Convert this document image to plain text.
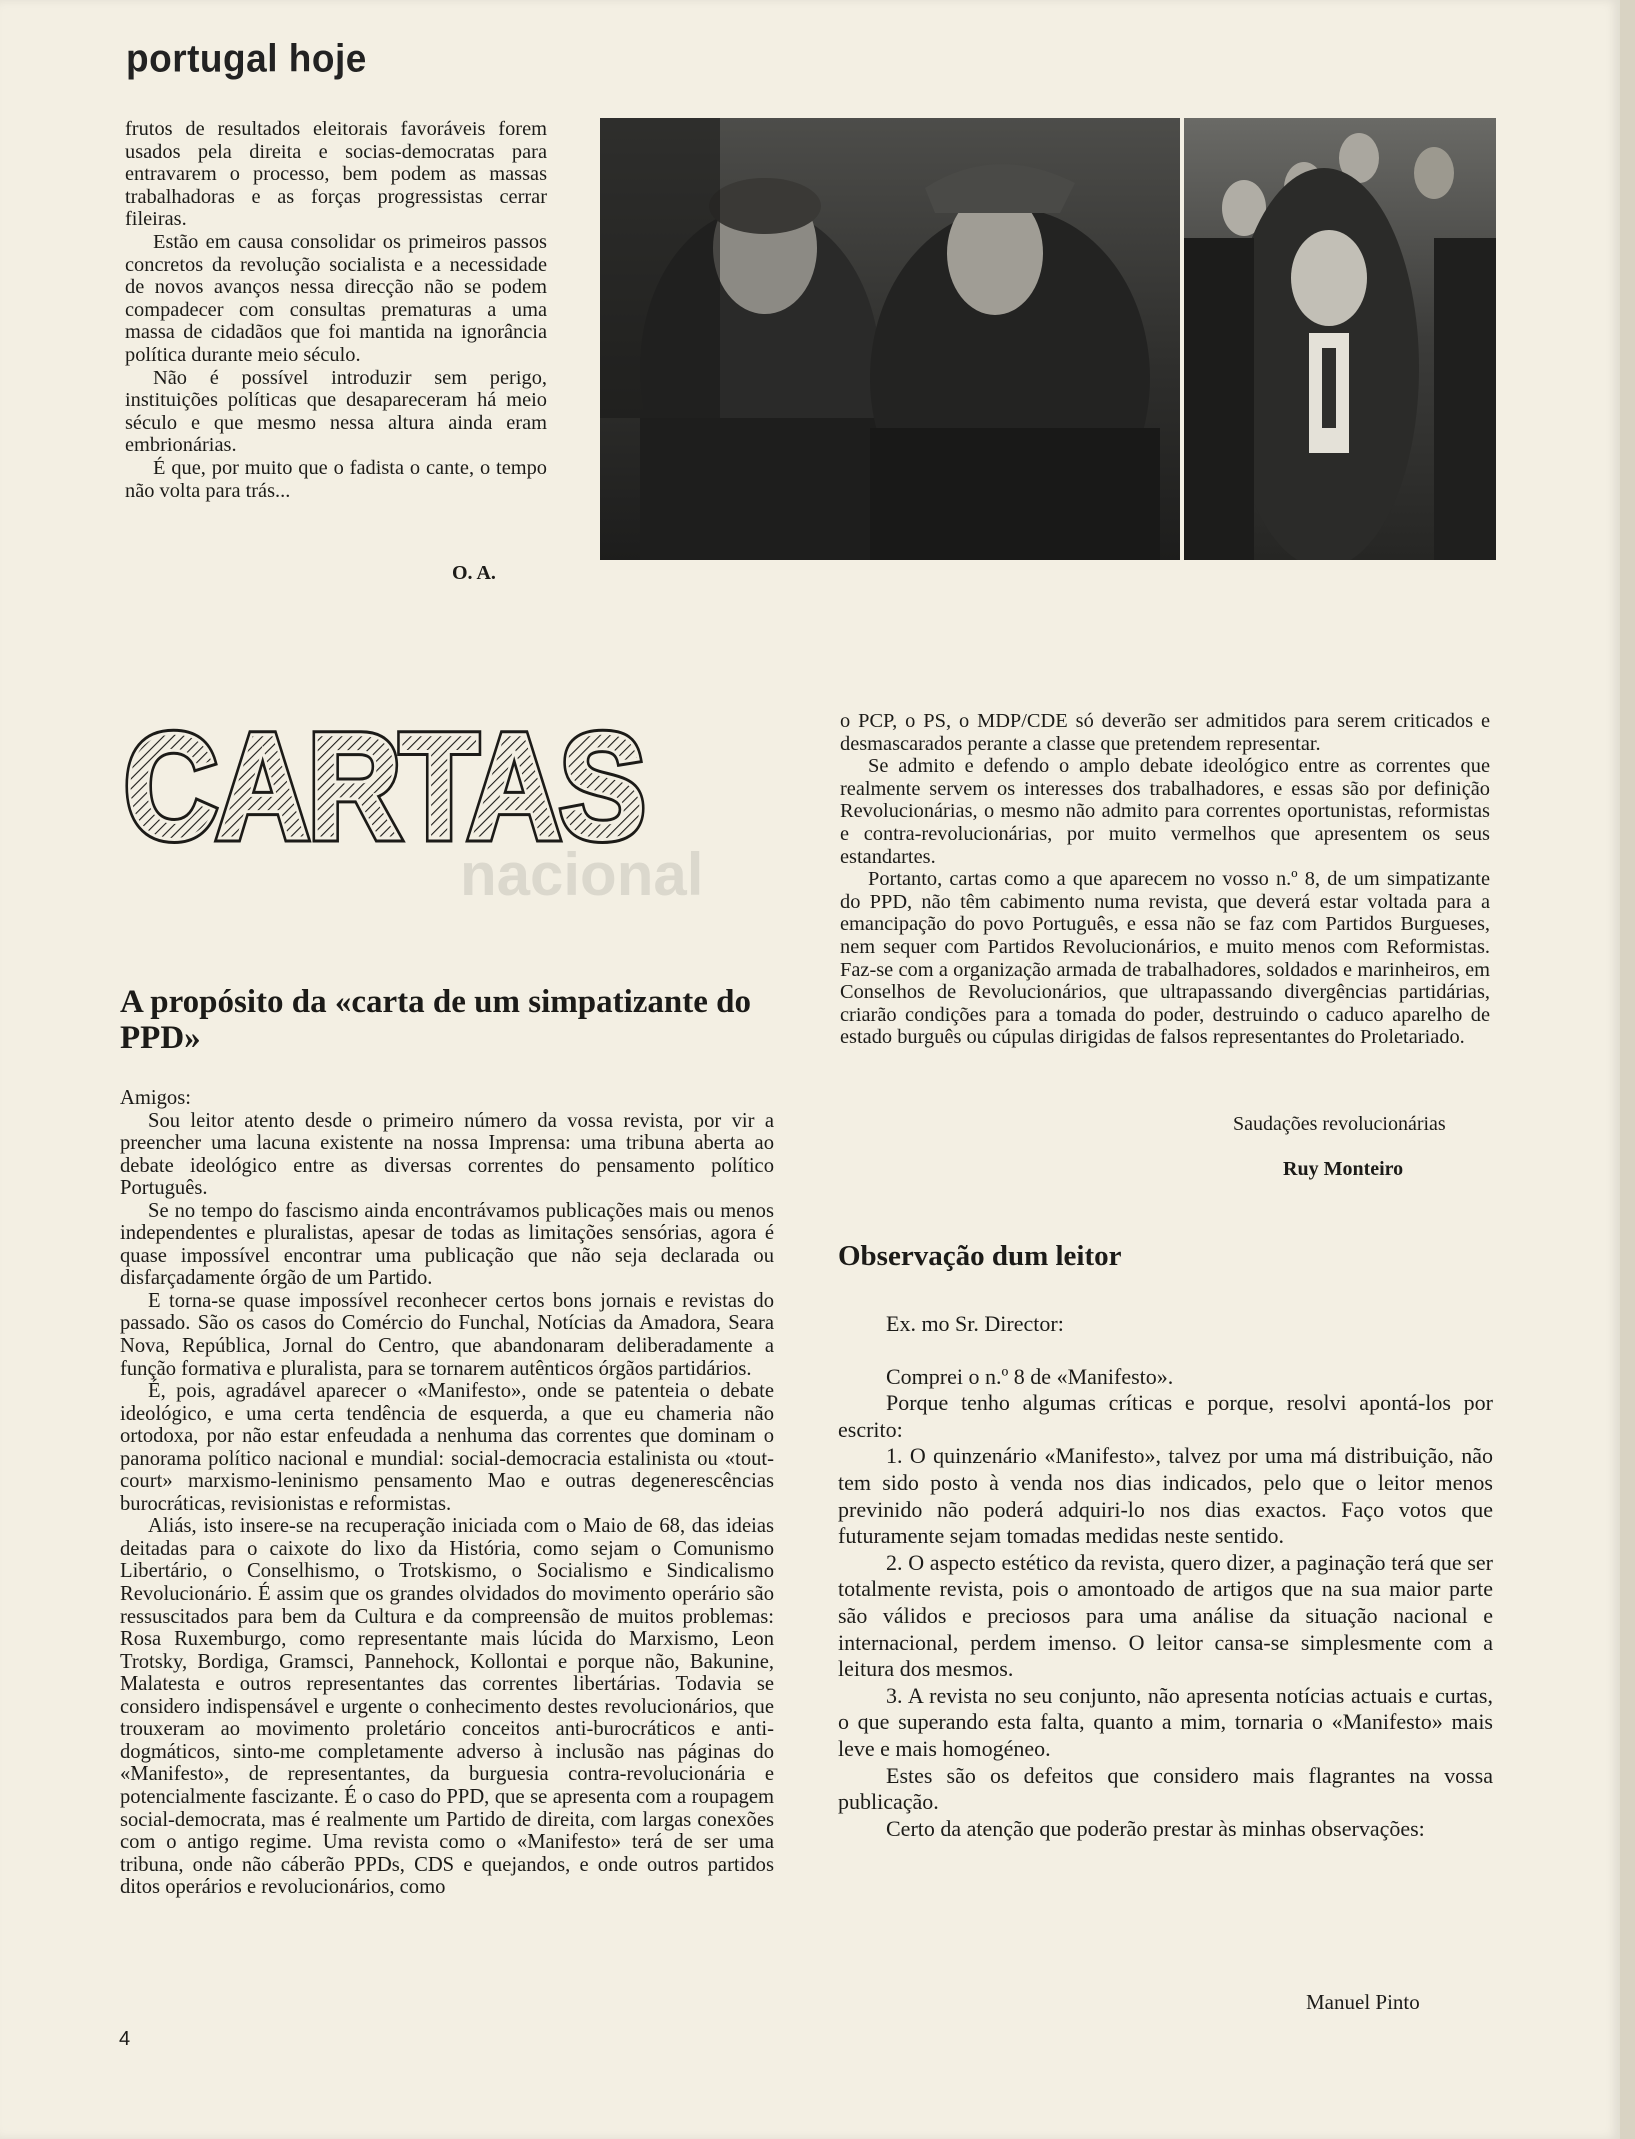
nacional
portugal hoje

frutos de resultados eleitorais favoráveis forem usados pela direita e socias-democratas para entravarem o processo, bem podem as massas trabalhadoras e as forças progressistas cerrar fileiras.

Estão em causa consolidar os primeiros passos concretos da revolução socialista e a necessidade de novos avanços nessa direcção não se podem compadecer com consultas prematuras a uma massa de cidadãos que foi mantida na ignorância política durante meio século.

Não é possível introduzir sem perigo, instituições políticas que desapareceram há meio século e que mesmo nessa altura ainda eram embrionárias.

É que, por muito que o fadista o cante, o tempo não volta para trás...

O. A.
CARTAS
CARTAS
A propósito da «carta de um simpatizante do PPD»

Amigos:

Sou leitor atento desde o primeiro número da vossa revista, por vir a preencher uma lacuna existente na nossa Imprensa: uma tribuna aberta ao debate ideológico entre as diversas correntes do pensamento político Português.

Se no tempo do fascismo ainda encontrávamos publicações mais ou menos independentes e pluralistas, apesar de todas as limitações sensórias, agora é quase impossível encontrar uma publicação que não seja declarada ou disfarçadamente órgão de um Partido.

E torna-se quase impossível reconhecer certos bons jornais e revistas do passado. São os casos do Comércio do Funchal, Notícias da Amadora, Seara Nova, República, Jornal do Centro, que abandonaram deliberadamente a função formativa e pluralista, para se tornarem autênticos órgãos partidários.

É, pois, agradável aparecer o «Manifesto», onde se patenteia o debate ideológico, e uma certa tendência de esquerda, a que eu chameria não ortodoxa, por não estar enfeudada a nenhuma das correntes que dominam o panorama político nacional e mundial: social-democracia estalinista ou «tout-court» marxismo-leninismo pensamento Mao e outras degenerescências burocráticas, revisionistas e reformistas.

Aliás, isto insere-se na recuperação iniciada com o Maio de 68, das ideias deitadas para o caixote do lixo da História, como sejam o Comunismo Libertário, o Conselhismo, o Trotskismo, o Socialismo e Sindicalismo Revolucionário. É assim que os grandes olvidados do movimento operário são ressuscitados para bem da Cultura e da compreensão de muitos problemas: Rosa Ruxemburgo, como representante mais lúcida do Marxismo, Leon Trotsky, Bordiga, Gramsci, Pannehock, Kollontai e porque não, Bakunine, Malatesta e outros representantes das correntes libertárias. Todavia se considero indispensável e urgente o conhecimento destes revolucionários, que trouxeram ao movimento proletário conceitos anti-burocráticos e anti-dogmáticos, sinto-me completamente adverso à inclusão nas páginas do «Manifesto», de representantes, da burguesia contra-revolucionária e potencialmente fascizante. É o caso do PPD, que se apresenta com a roupagem social-democrata, mas é realmente um Partido de direita, com largas conexões com o antigo regime. Uma revista como o «Manifesto» terá de ser uma tribuna, onde não cáberão PPDs, CDS e quejandos, e onde outros partidos ditos operários e revolucionários, como

o PCP, o PS, o MDP/CDE só deverão ser admitidos para serem criticados e desmascarados perante a classe que pretendem representar.

Se admito e defendo o amplo debate ideológico entre as correntes que realmente servem os interesses dos trabalhadores, e essas são por definição Revolucionárias, o mesmo não admito para correntes oportunistas, reformistas e contra-revolucionárias, por muito vermelhos que apresentem os seus estandartes.

Portanto, cartas como a que aparecem no vosso n.º 8, de um simpatizante do PPD, não têm cabimento numa revista, que deverá estar voltada para a emancipação do povo Português, e essa não se faz com Partidos Burgueses, nem sequer com Partidos Revolucionários, e muito menos com Reformistas. Faz-se com a organização armada de trabalhadores, soldados e marinheiros, em Conselhos de Revolucionários, que ultrapassando divergências partidárias, criarão condições para a tomada do poder, destruindo o caduco aparelho de estado burguês ou cúpulas dirigidas de falsos representantes do Proletariado.

Saudações revolucionárias
Ruy Monteiro
Observação dum leitor

Ex. mo Sr. Director:

Comprei o n.º 8 de «Manifesto».

Porque tenho algumas críticas e porque, resolvi apontá-los por escrito:

1. O quinzenário «Manifesto», talvez por uma má distribuição, não tem sido posto à venda nos dias indicados, pelo que o leitor menos previnido não poderá adquiri-lo nos dias exactos. Faço votos que futuramente sejam tomadas medidas neste sentido.

2. O aspecto estético da revista, quero dizer, a paginação terá que ser totalmente revista, pois o amontoado de artigos que na sua maior parte são válidos e preciosos para uma análise da situação nacional e internacional, perdem imenso. O leitor cansa-se simplesmente com a leitura dos mesmos.

3. A revista no seu conjunto, não apresenta notícias actuais e curtas, o que superando esta falta, quanto a mim, tornaria o «Manifesto» mais leve e mais homogéneo.

Estes são os defeitos que considero mais flagrantes na vossa publicação.

Certo da atenção que poderão prestar às minhas observações:

Manuel Pinto
4
